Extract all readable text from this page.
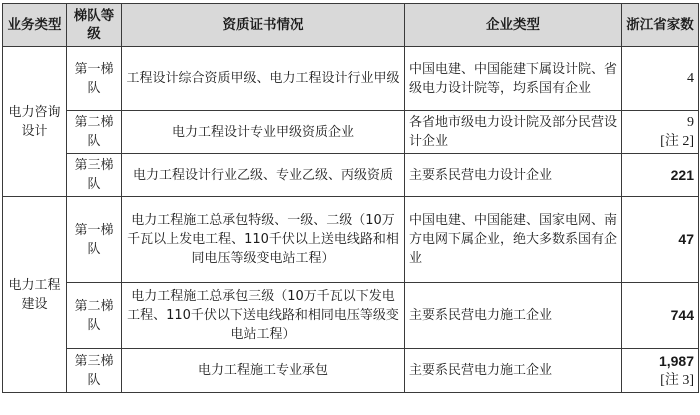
业务类型	梯队等级	资质证书情况	企业类型	浙江省家数
电力咨询设计	第一梯队	工程设计综合资质甲级、电力工程设计行业甲级	中国电建、中国能建下属设计院、省级电力设计院等，均系国有企业	4
	第二梯队	电力工程设计专业甲级资质企业	各省地市级电力设计院及部分民营设计企业	9
[注 2]

	第三梯队	电力工程设计行业乙级、专业乙级、丙级资质	主要系民营电力设计企业	221
电力工程建设	第一梯队	电力工程施工总承包特级、一级、二级（10万千瓦以上发电工程、110千伏以上送电线路和相同电压等级变电站工程）	中国电建、中国能建、国家电网、南方电网下属企业，绝大多数系国有企业	47
	第二梯队	电力工程施工总承包三级（10万千瓦以下发电工程、110千伏以下送电线路和相同电压等级变电站工程）	主要系民营电力施工企业	744
	第三梯队	电力工程施工专业承包	主要系民营电力施工企业	1,987
[注 3]
